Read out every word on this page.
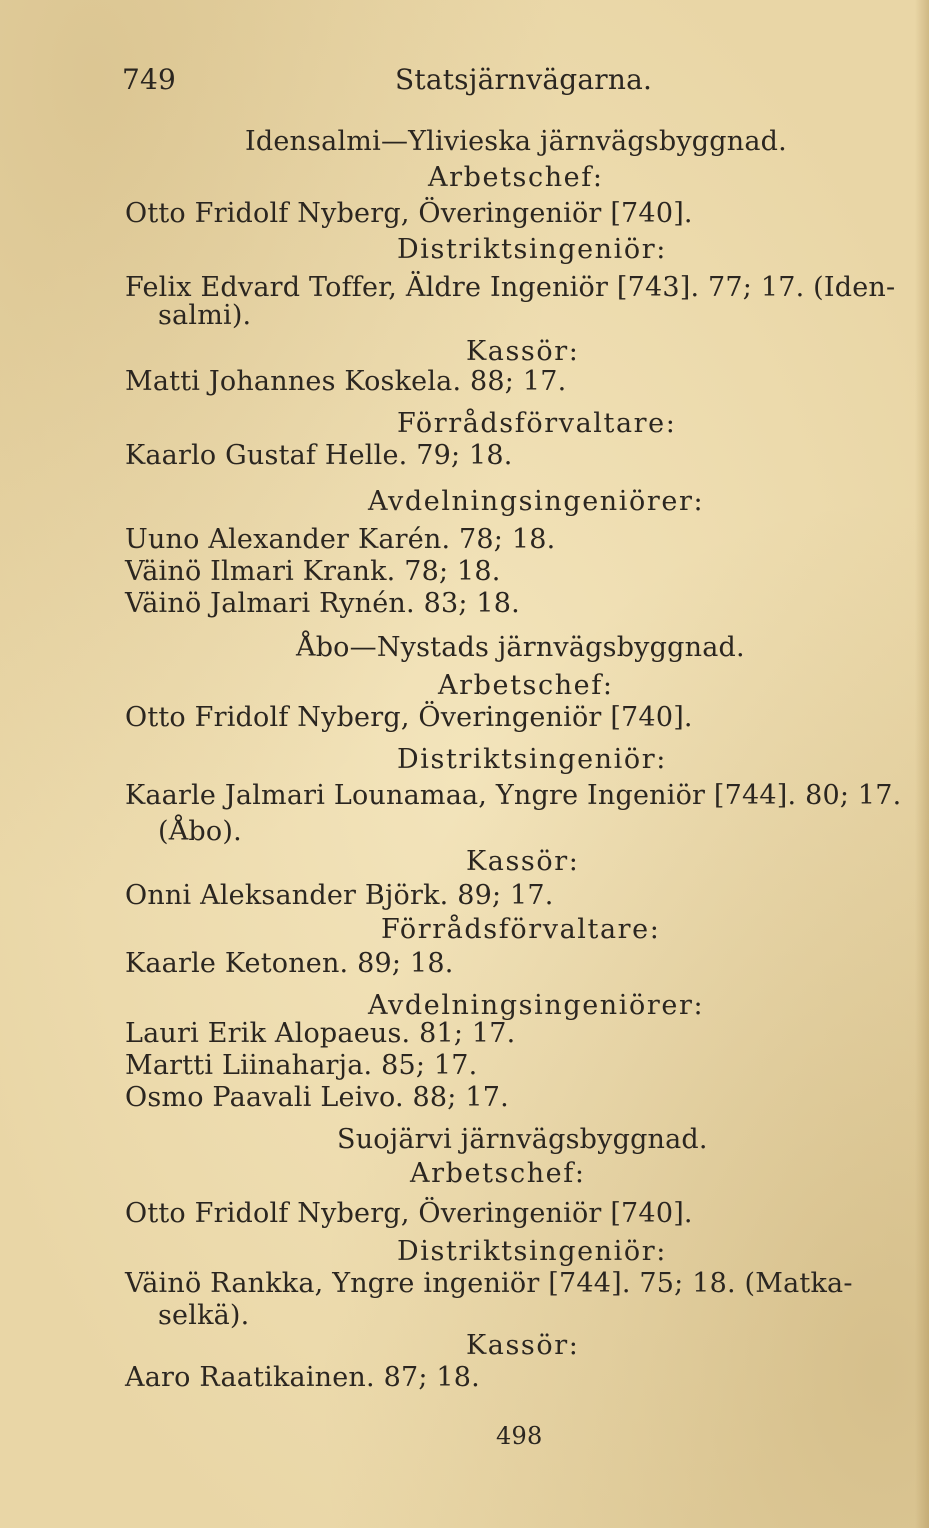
749	Statsjärnvägarna.
Idensalmi—Ylivieska järnvägsbyggnad.
Arbetschef:
Otto Fridolf Nyberg, Överingeniör [740].
Distriktsingeniör:
Felix Edvard Toffer, Äldre Ingeniör [743]. 77; 17. (Iden-
salmi).
Kassör:
Matti Johannes Koskela. 88; 17.
Förrådsförvaltare:
Kaarlo Gustaf Helle. 79; 18.
Avdelningsingeniörer:
Uuno Alexander Karén. 78; 18.
Väinö Ilmari Krank. 78; 18.
Väinö Jalmari Rynén. 83; 18.
Åbo—Nystads järnvägsbyggnad.
Arbetschef:
Otto Fridolf Nyberg, Överingeniör [740].
Distriktsingeniör:
Kaarle Jalmari Lounamaa, Yngre Ingeniör [744]. 80; 17.
(Åbo).
Kassör:
Onni Aleksander Björk. 89; 17.
Förrådsförvaltare:
Kaarle Ketonen. 89; 18.
Avdelningsingeniörer:
Lauri Erik Alopaeus. 81; 17.
Martti Liinaharja. 85; 17.
Osmo Paavali Leivo. 88; 17.
Suojärvi järnvägsbyggnad.
Arbetschef:
Otto Fridolf Nyberg, Överingeniör [740].
Distriktsingeniör:
Väinö Rankka, Yngre ingeniör [744]. 75; 18. (Matka-
selkä).
Kassör:
Aaro Raatikainen. 87; 18.
498
